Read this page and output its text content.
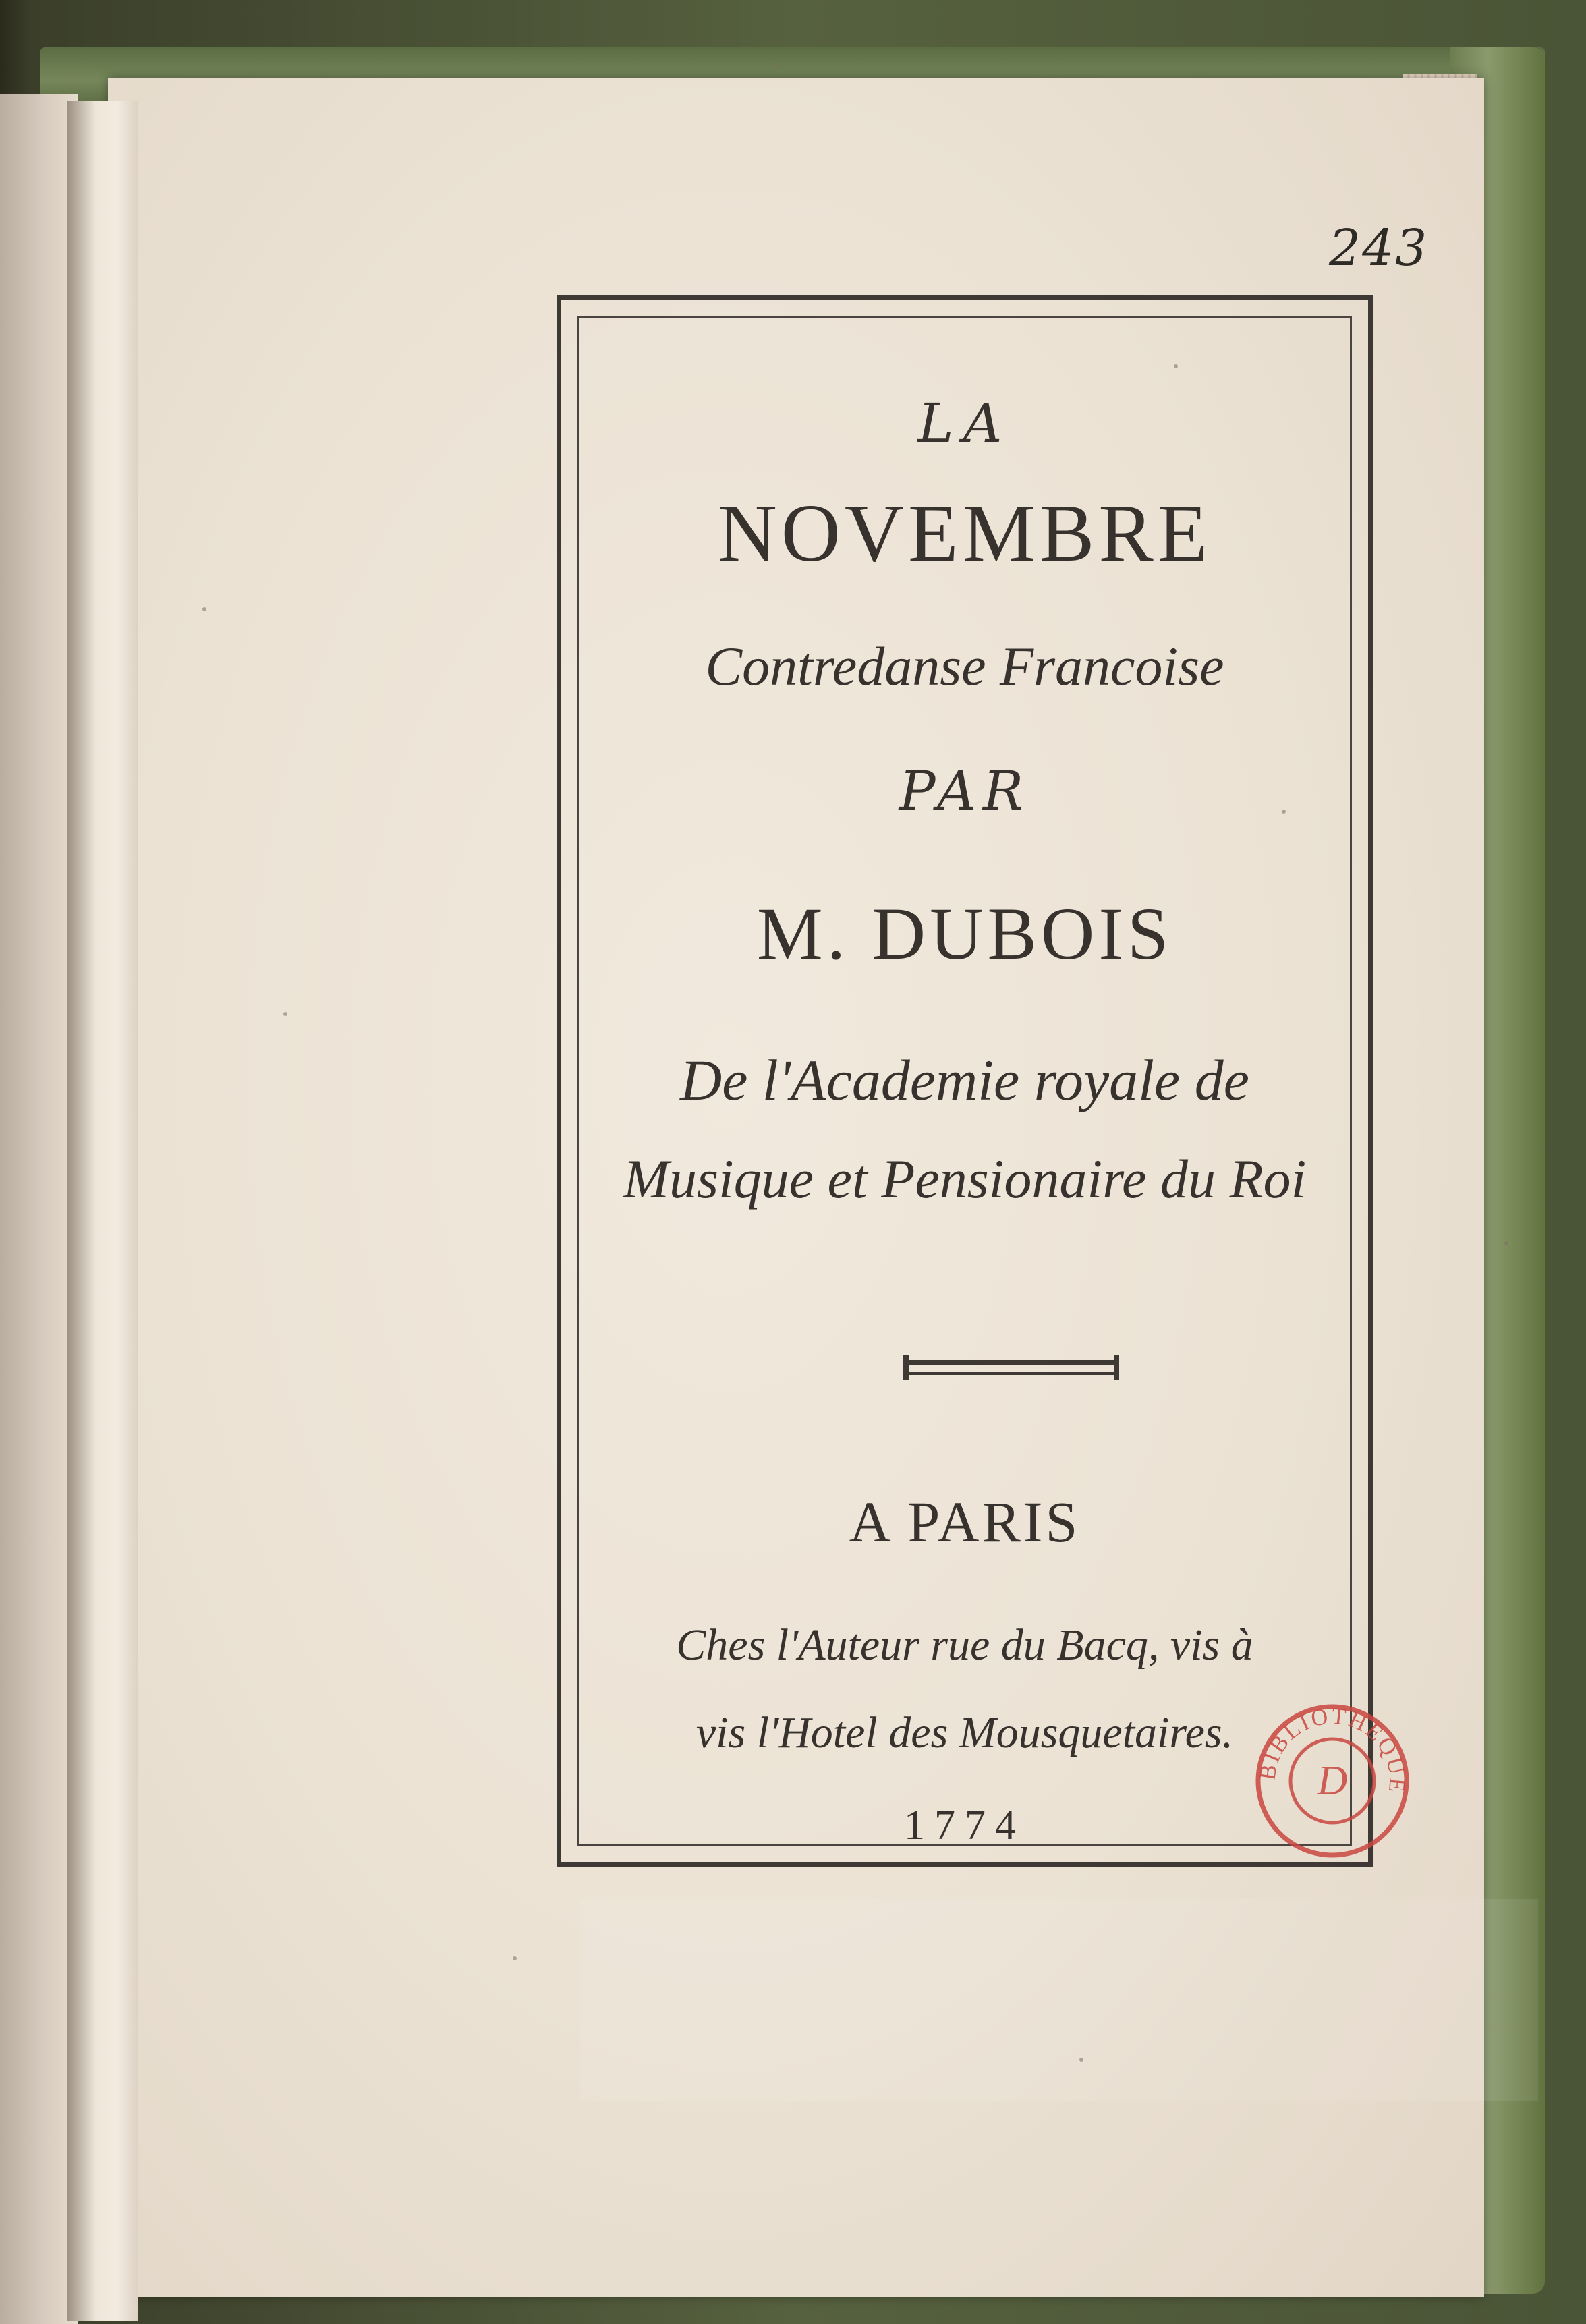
243
LA
NOVEMBRE
Contredanse Francoise
PAR
M. DUBOIS
De l'Academie royale de
Musique et Pensionaire du Roi
A PARIS
Ches l'Auteur rue du Bacq, vis à
vis l'Hotel des Mousquetaires.
1774
BIBLIOTHEQUE
D
